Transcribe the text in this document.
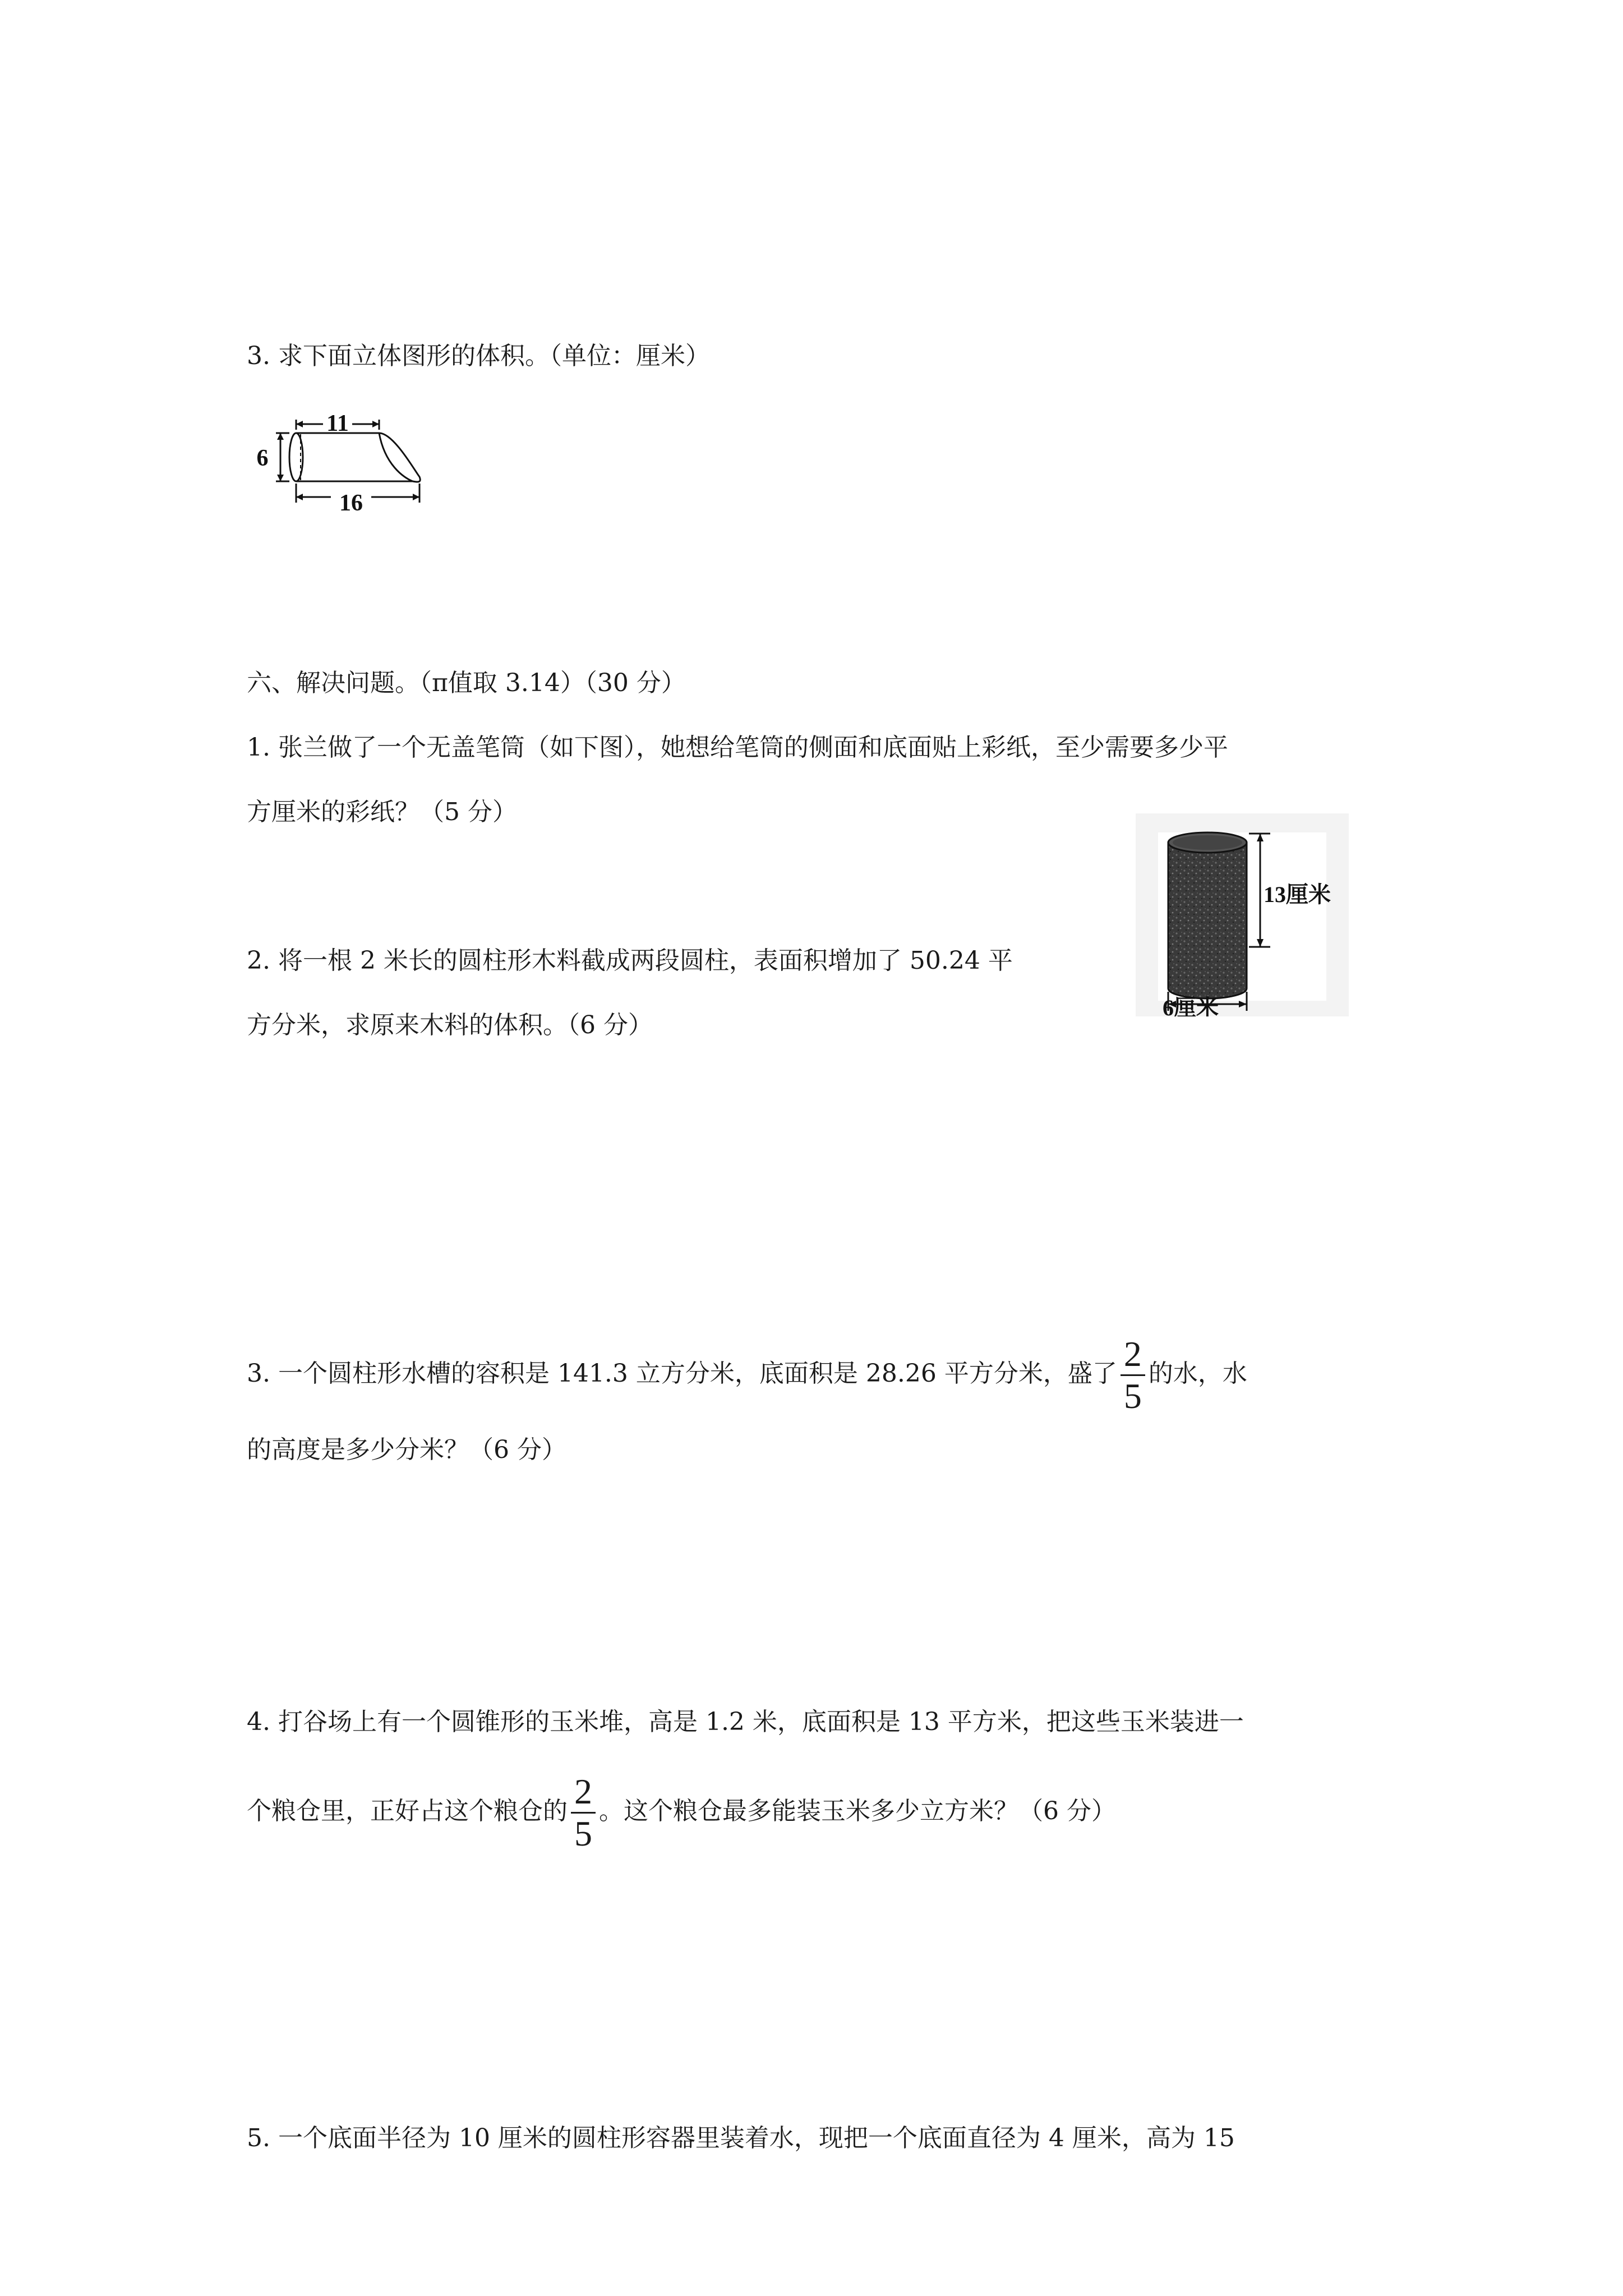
3. 求下面立体图形的体积。（单位：厘米）

11
6
16

六、解决问题。（π值取 3.14）（30 分）

1. 张兰做了一个无盖笔筒（如下图），她想给笔筒的侧面和底面贴上彩纸，至少需要多少平

方厘米的彩纸？（5 分）

13厘米
6厘米

2. 将一根 2 米长的圆柱形木料截成两段圆柱，表面积增加了 50.24 平

方分米，求原来木料的体积。（6 分）

3. 一个圆柱形水槽的容积是 141.3 立方分米，底面积是 28.26 平方分米，盛了 $\frac{2}{5}$ 的水，水

的高度是多少分米？（6 分）

4. 打谷场上有一个圆锥形的玉米堆，高是 1.2 米，底面积是 13 平方米，把这些玉米装进一

个粮仓里，正好占这个粮仓的 $\frac{2}{5}$ 。这个粮仓最多能装玉米多少立方米？（6 分）

5. 一个底面半径为 10 厘米的圆柱形容器里装着水，现把一个底面直径为 4 厘米，高为 15
